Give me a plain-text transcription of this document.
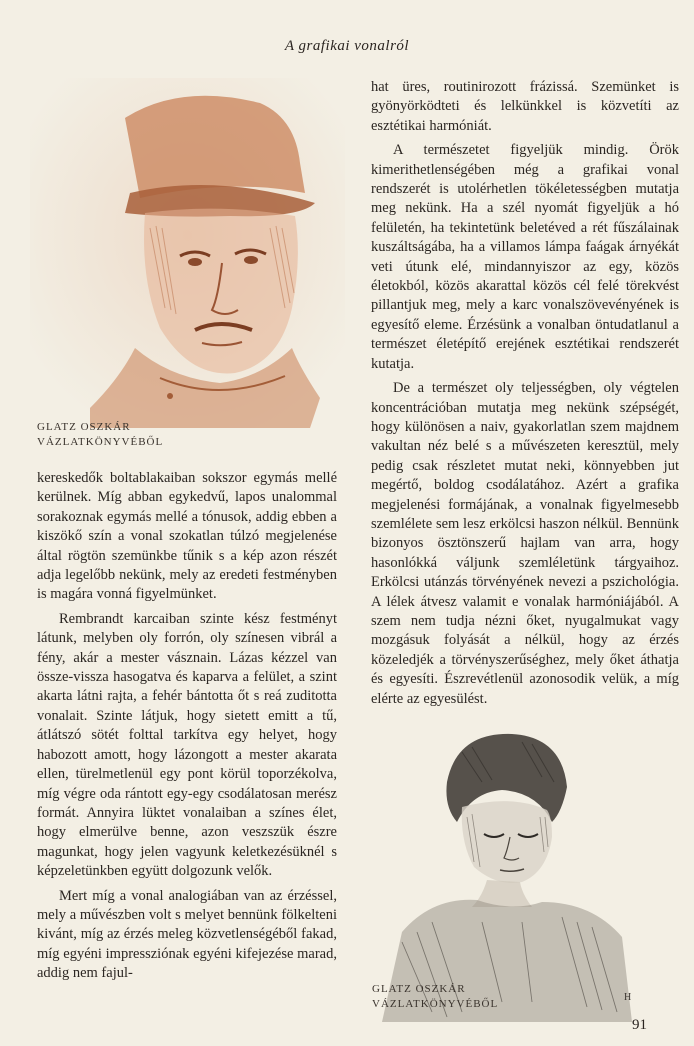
A grafikai vonalról
GLATZ OSZKÁR
VÁZLATKÖNYVÉBŐL

kereskedők boltablakaiban sokszor egymás mellé kerülnek. Míg abban egykedvű, lapos unalommal sorakoznak egymás mellé a tónusok, addig ebben a kiszökő szín a vonal szokatlan túlzó megjelenése által rögtön szemünkbe tűnik s a kép azon részét adja legelőbb nekünk, mely az eredeti festményben is magára vonná figyelmünket.

Rembrandt karcaiban szinte kész festményt látunk, melyben oly forrón, oly színesen vibrál a fény, akár a mester vásznain. Lázas kézzel van össze-vissza hasogatva és kaparva a felület, a szint akarta látni rajta, a fehér bántotta őt s reá zuditotta vonalait. Szinte látjuk, hogy sietett emitt a tű, átlátszó sötét folttal tarkítva egy helyet, hogy habozott amott, hogy lázongott a mester akarata ellen, türelmetlenül egy pont körül toporzékolva, míg végre oda rántott egy-egy csodálatosan merész formát. Annyira lüktet vonalaiban a színes élet, hogy elmerülve benne, azon veszszük észre magunkat, hogy jelen vagyunk keletkezésüknél s képzeletünkben együtt dolgozunk velők.

Mert míg a vonal analogiában van az érzéssel, mely a művészben volt s melyet bennünk fölkelteni kivánt, míg az érzés meleg közvetlenségéből fakad, míg egyéni impressziónak egyéni kifejezése marad, addig nem fajul-

hat üres, routinirozott frázissá. Szemünket is gyönyörködteti és lelkünkkel is közvetíti az esztétikai harmóniát.

A természetet figyeljük mindig. Örök kimerithetlenségében még a grafikai vonal rendszerét is utolérhetlen tökéletességben mutatja meg nekünk. Ha a szél nyomát figyeljük a hó felületén, ha tekintetünk beletéved a rét fűszálainak kuszáltságába, ha a villamos lámpa faágak árnyékát veti útunk elé, mindannyiszor az egy, közös életokból, közös akarattal közös cél felé törekvést pillantjuk meg, mely a karc vonalszövevényének is egyesítő eleme. Érzésünk a vonalban öntudatlanul a természet életépítő erejének esztétikai rendszerét kutatja.

De a természet oly teljességben, oly végtelen koncentrációban mutatja meg nekünk szépségét, hogy különösen a naiv, gyakorlatlan szem majdnem vakultan néz belé s a művészeten keresztül, mely pedig csak részletet mutat neki, könnyebben jut megértő, boldog csodálatához. Azért a grafika megjelenési formájának, a vonalnak figyelmesebb szemlélete sem lesz erkölcsi haszon nélkül. Bennünk bizonyos ösztönszerű hajlam van arra, hogy hasonlókká váljunk szemléletünk tárgyaihoz. Erkölcsi utánzás törvényének nevezi a pszichológia. A lélek átvesz valamit e vonalak harmóniájából. A szem nem tudja nézni őket, nyugalmukat vagy mozgásuk folyását a nélkül, hogy az érzés közeledjék a törvényszerűséghez, mely őket áthatja és egyesíti. Észrevétlenül azonosodik velük, a míg elérte az egyesülést.

H
GLATZ OSZKÁR
VÁZLATKÖNYVÉBŐL
91
